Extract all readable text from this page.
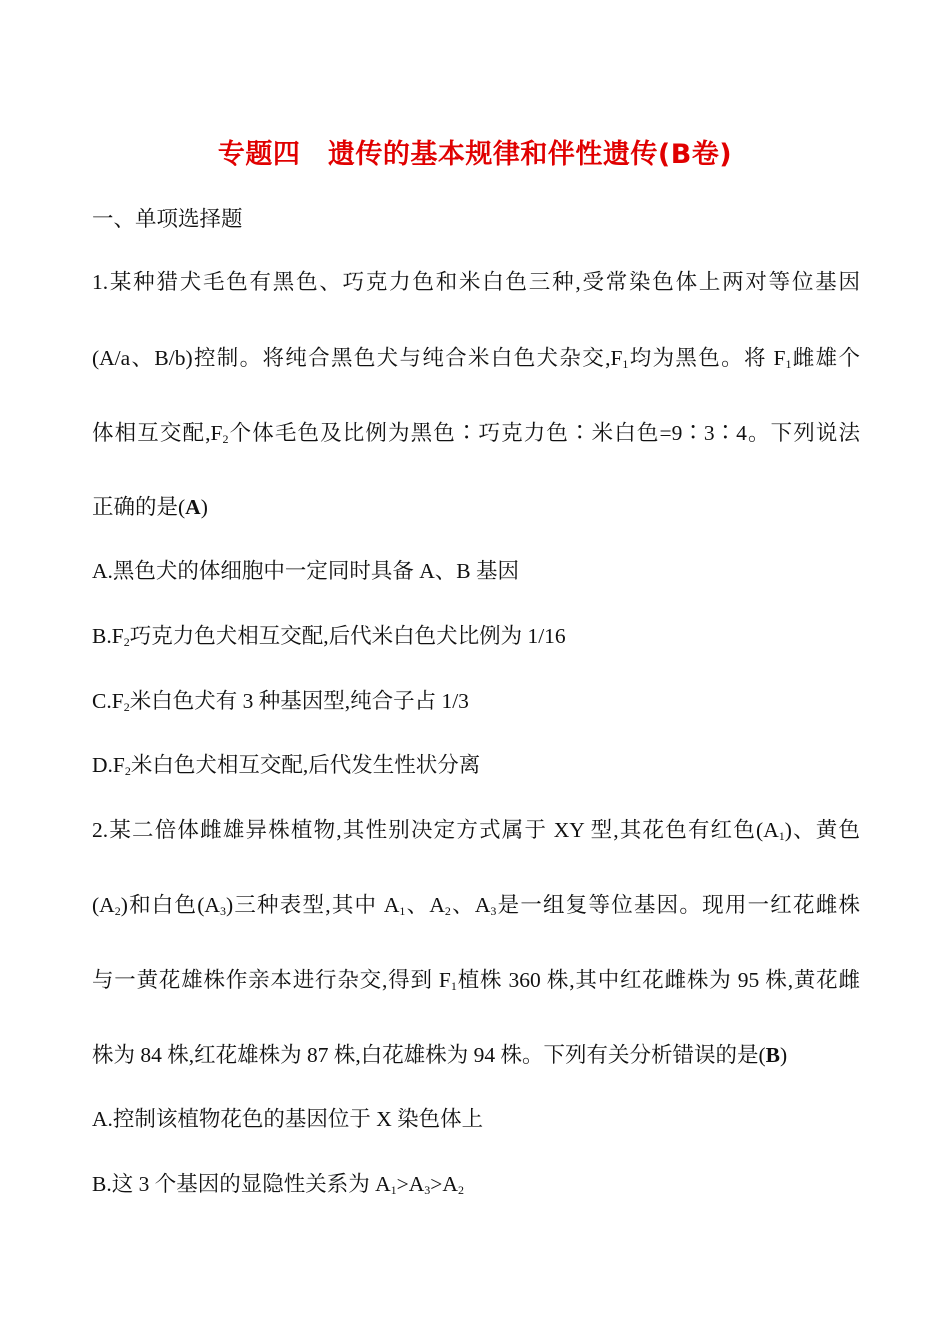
专题四　遗传的基本规律和伴性遗传(B卷)
一、单项选择题
1.某种猎犬毛色有黑色、巧克力色和米白色三种,受常染色体上两对等位基因
(A/a、B/b)控制。将纯合黑色犬与纯合米白色犬杂交$,F_1$均为黑色。将 $F_1$雌雄个
体相互交配$,F_2$个体毛色及比例为黑色∶巧克力色∶米白色=9∶3∶4。下列说法
正确的是(A)
A.黑色犬的体细胞中一定同时具备 A、B 基因
$B.F_2$巧克力色犬相互交配,后代米白色犬比例为 1/16
$C.F_2$米白色犬有 3 种基因型,纯合子占 1/3
$D.F_2$米白色犬相互交配,后代发生性状分离
2.某二倍体雌雄异株植物,其性别决定方式属于 XY 型,其花色有红色$(A_1)$、黄色
$(A_2)$和白色$(A_3)$三种表型,其中 $A_1$、$A_2$、$A_3$是一组复等位基因。现用一红花雌株
与一黄花雄株作亲本进行杂交,得到 $F_1$植株 360 株,其中红花雌株为 95 株,黄花雌
株为 84 株,红花雄株为 87 株,白花雄株为 94 株。下列有关分析错误的是(B)
A.控制该植物花色的基因位于 X 染色体上
B.这 3 个基因的显隐性关系为 $A_1>A_3>A_2$
